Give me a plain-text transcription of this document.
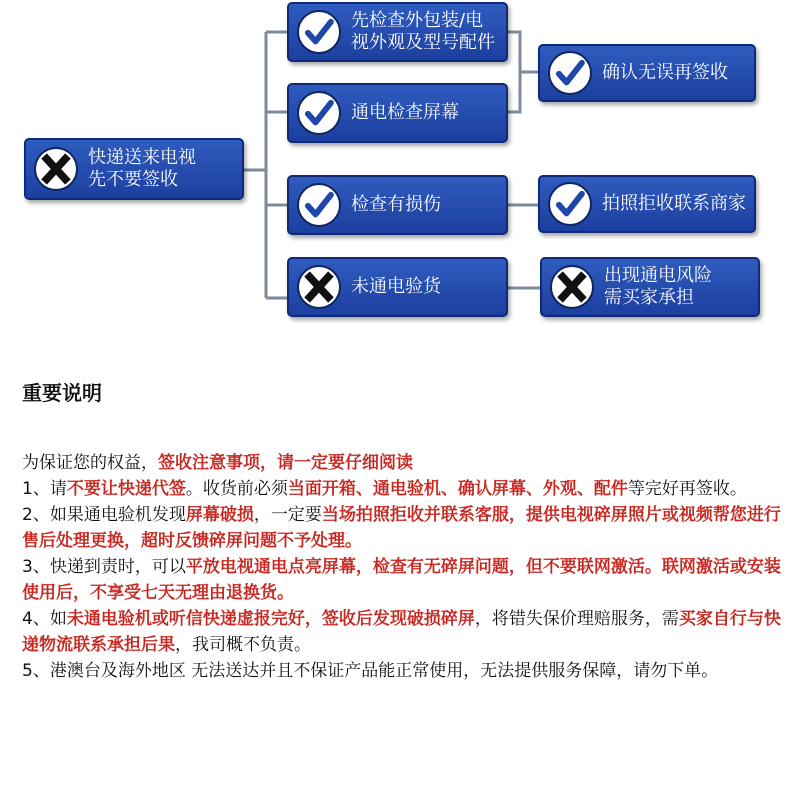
快递送来电视
先不要签收
先检查外包装/电
视外观及型号配件
通电检查屏幕
检查有损伤
未通电验货
确认无误再签收
拍照拒收联系商家
出现通电风险
需买家承担
重要说明

为保证您的权益，签收注意事项，请一定要仔细阅读

1、请不要让快递代签。收货前必须当面开箱、通电验机、确认屏幕、外观、配件等完好再签收。

2、如果通电验机发现屏幕破损，一定要当场拍照拒收并联系客服，提供电视碎屏照片或视频帮您进行售后处理更换，超时反馈碎屏问题不予处理。

3、快递到责时，可以平放电视通电点亮屏幕，检查有无碎屏问题，但不要联网激活。联网激活或安装使用后，不享受七天无理由退换货。

4、如未通电验机或听信快递虚报完好，签收后发现破损碎屏，将错失保价理赔服务，需买家自行与快递物流联系承担后果，我司概不负责。

5、港澳台及海外地区 无法送达并且不保证产品能正常使用，无法提供服务保障，请勿下单。
